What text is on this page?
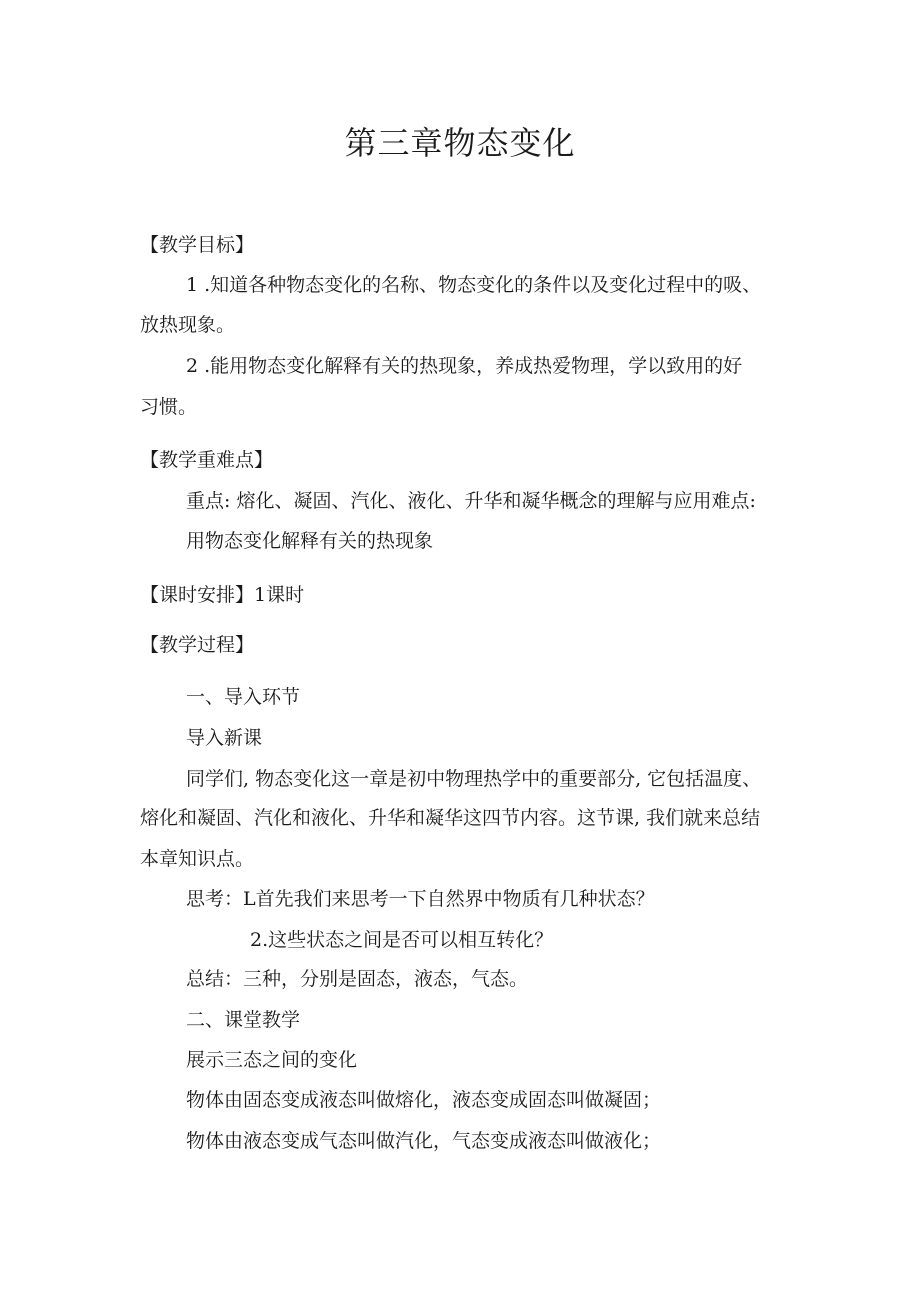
第三章物态变化

【教学目标】

1 .知道各种物态变化的名称、物态变化的条件以及变化过程中的吸、

放热现象。

2 .能用物态变化解释有关的热现象，养成热爱物理，学以致用的好

习惯。

【教学重难点】

重点: 熔化、凝固、汽化、液化、升华和凝华概念的理解与应用难点:

用物态变化解释有关的热现象

【课时安排】1课时

【教学过程】

一、导入环节

导入新课

同学们, 物态变化这一章是初中物理热学中的重要部分, 它包括温度、

熔化和凝固、汽化和液化、升华和凝华这四节内容。这节课, 我们就来总结

本章知识点。

思考：L首先我们来思考一下自然界中物质有几种状态？

2.这些状态之间是否可以相互转化？

总结：三种，分别是固态，液态，气态。

二、课堂教学

展示三态之间的变化

物体由固态变成液态叫做熔化，液态变成固态叫做凝固；

物体由液态变成气态叫做汽化，气态变成液态叫做液化；
